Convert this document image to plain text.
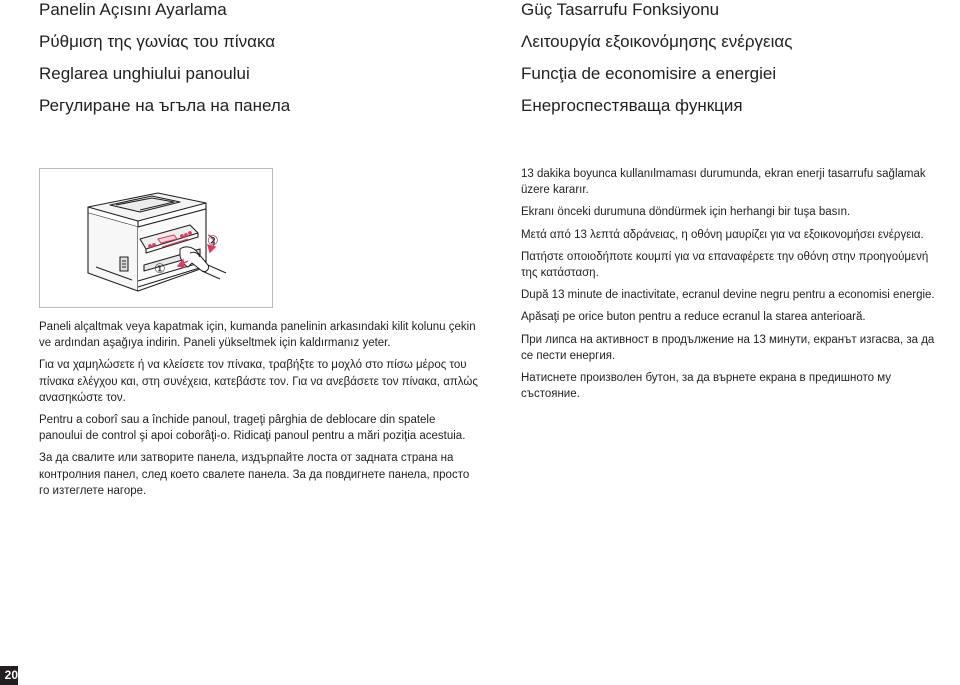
Panelin Açısını Ayarlama
Ρύθμιση της γωνίας του πίνακα
Reglarea unghiului panoului
Регулиране на ъгъла на панела
Güç Tasarrufu Fonksiyonu
Λειτουργία εξοικονόμησης ενέργειας
Funcţia de economisire a energiei
Енергоспестяваща функция
①
②

Paneli alçaltmak veya kapatmak için, kumanda panelinin arkasındaki kilit kolunu çekin ve ardından aşağıya indirin. Paneli yükseltmek için kaldırmanız yeter.

Για να χαμηλώσετε ή να κλείσετε τον πίνακα, τραβήξτε το μοχλό στο πίσω μέρος του πίνακα ελέγχου και, στη συνέχεια, κατεβάστε τον. Για να ανεβάσετε τον πίνακα, απλώς ανασηκώστε τον.

Pentru a coborî sau a închide panoul, trageţi pârghia de deblocare din spatele panoului de control şi apoi coborâţi-o. Ridicaţi panoul pentru a mări poziţia acestuia.

За да свалите или затворите панела, издърпайте лоста от задната страна на контролния панел, след което свалете панела. За да повдигнете панела, просто го изтеглете нагоре.

13 dakika boyunca kullanılmaması durumunda, ekran enerji tasarrufu sağlamak üzere kararır.

Ekranı önceki durumuna döndürmek için herhangi bir tuşa basın.

Μετά από 13 λεπτά αδράνειας, η οθόνη μαυρίζει για να εξοικονομήσει ενέργεια.

Πατήστε οποιοδήποτε κουμπί για να επαναφέρετε την οθόνη στην προηγούμενή της κατάσταση.

După 13 minute de inactivitate, ecranul devine negru pentru a economisi energie.

Apăsaţi pe orice buton pentru a reduce ecranul la starea anterioară.

При липса на активност в продължение на 13 минути, екранът изгасва, за да се пести енергия.

Натиснете произволен бутон, за да върнете екрана в предишното му състояние.

20
